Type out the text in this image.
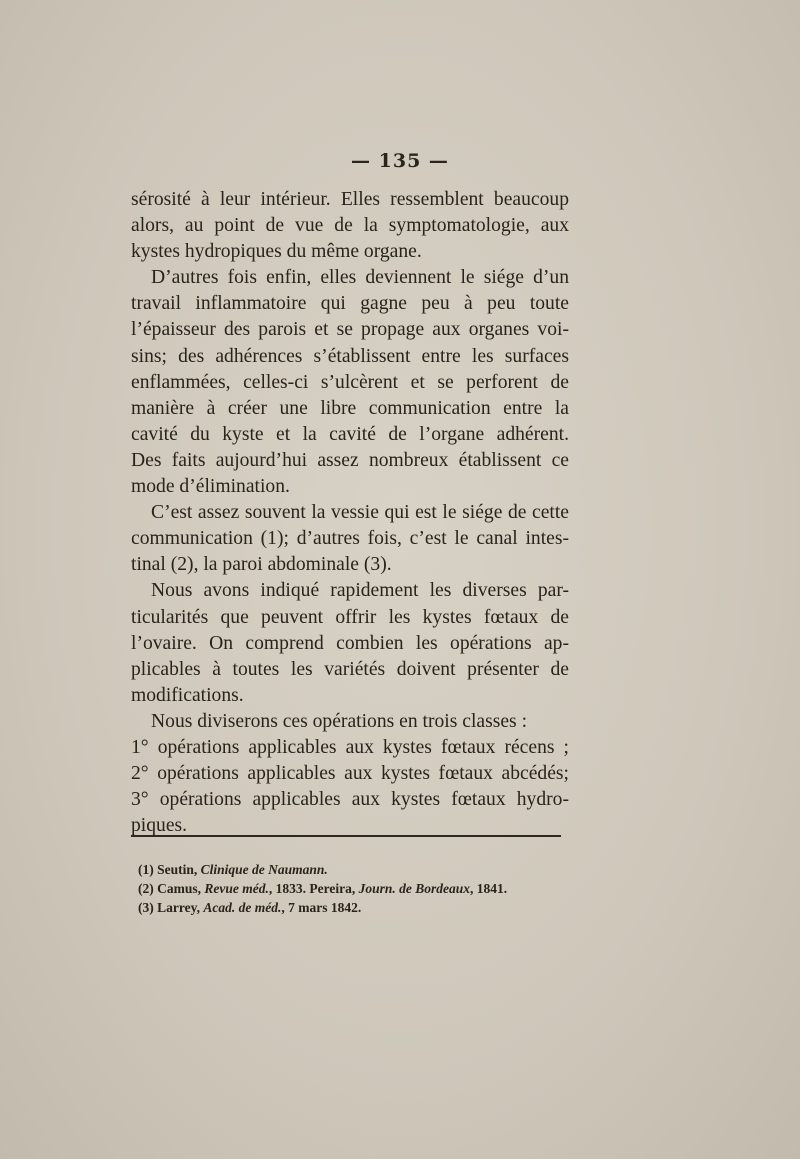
— 135 —

sérosité à leur intérieur. Elles ressemblent beaucoup

alors, au point de vue de la symptomatologie, aux

kystes hydropiques du même organe.

D’autres fois enfin, elles deviennent le siége d’un

travail inflammatoire qui gagne peu à peu toute

l’épaisseur des parois et se propage aux organes voi-

sins; des adhérences s’établissent entre les surfaces

enflammées, celles-ci s’ulcèrent et se perforent de

manière à créer une libre communication entre la

cavité du kyste et la cavité de l’organe adhérent.

Des faits aujourd’hui assez nombreux établissent ce

mode d’élimination.

C’est assez souvent la vessie qui est le siége de cette

communication (1); d’autres fois, c’est le canal intes-

tinal (2), la paroi abdominale (3).

Nous avons indiqué rapidement les diverses par-

ticularités que peuvent offrir les kystes fœtaux de

l’ovaire. On comprend combien les opérations ap-

plicables à toutes les variétés doivent présenter de

modifications.

Nous diviserons ces opérations en trois classes :

1° opérations applicables aux kystes fœtaux récens ;

2° opérations applicables aux kystes fœtaux abcédés;

3° opérations applicables aux kystes fœtaux hydro-

piques.

(1) Seutin, Clinique de Naumann.
(2) Camus, Revue méd., 1833. Pereira, Journ. de Bordeaux, 1841.
(3) Larrey, Acad. de méd., 7 mars 1842.
